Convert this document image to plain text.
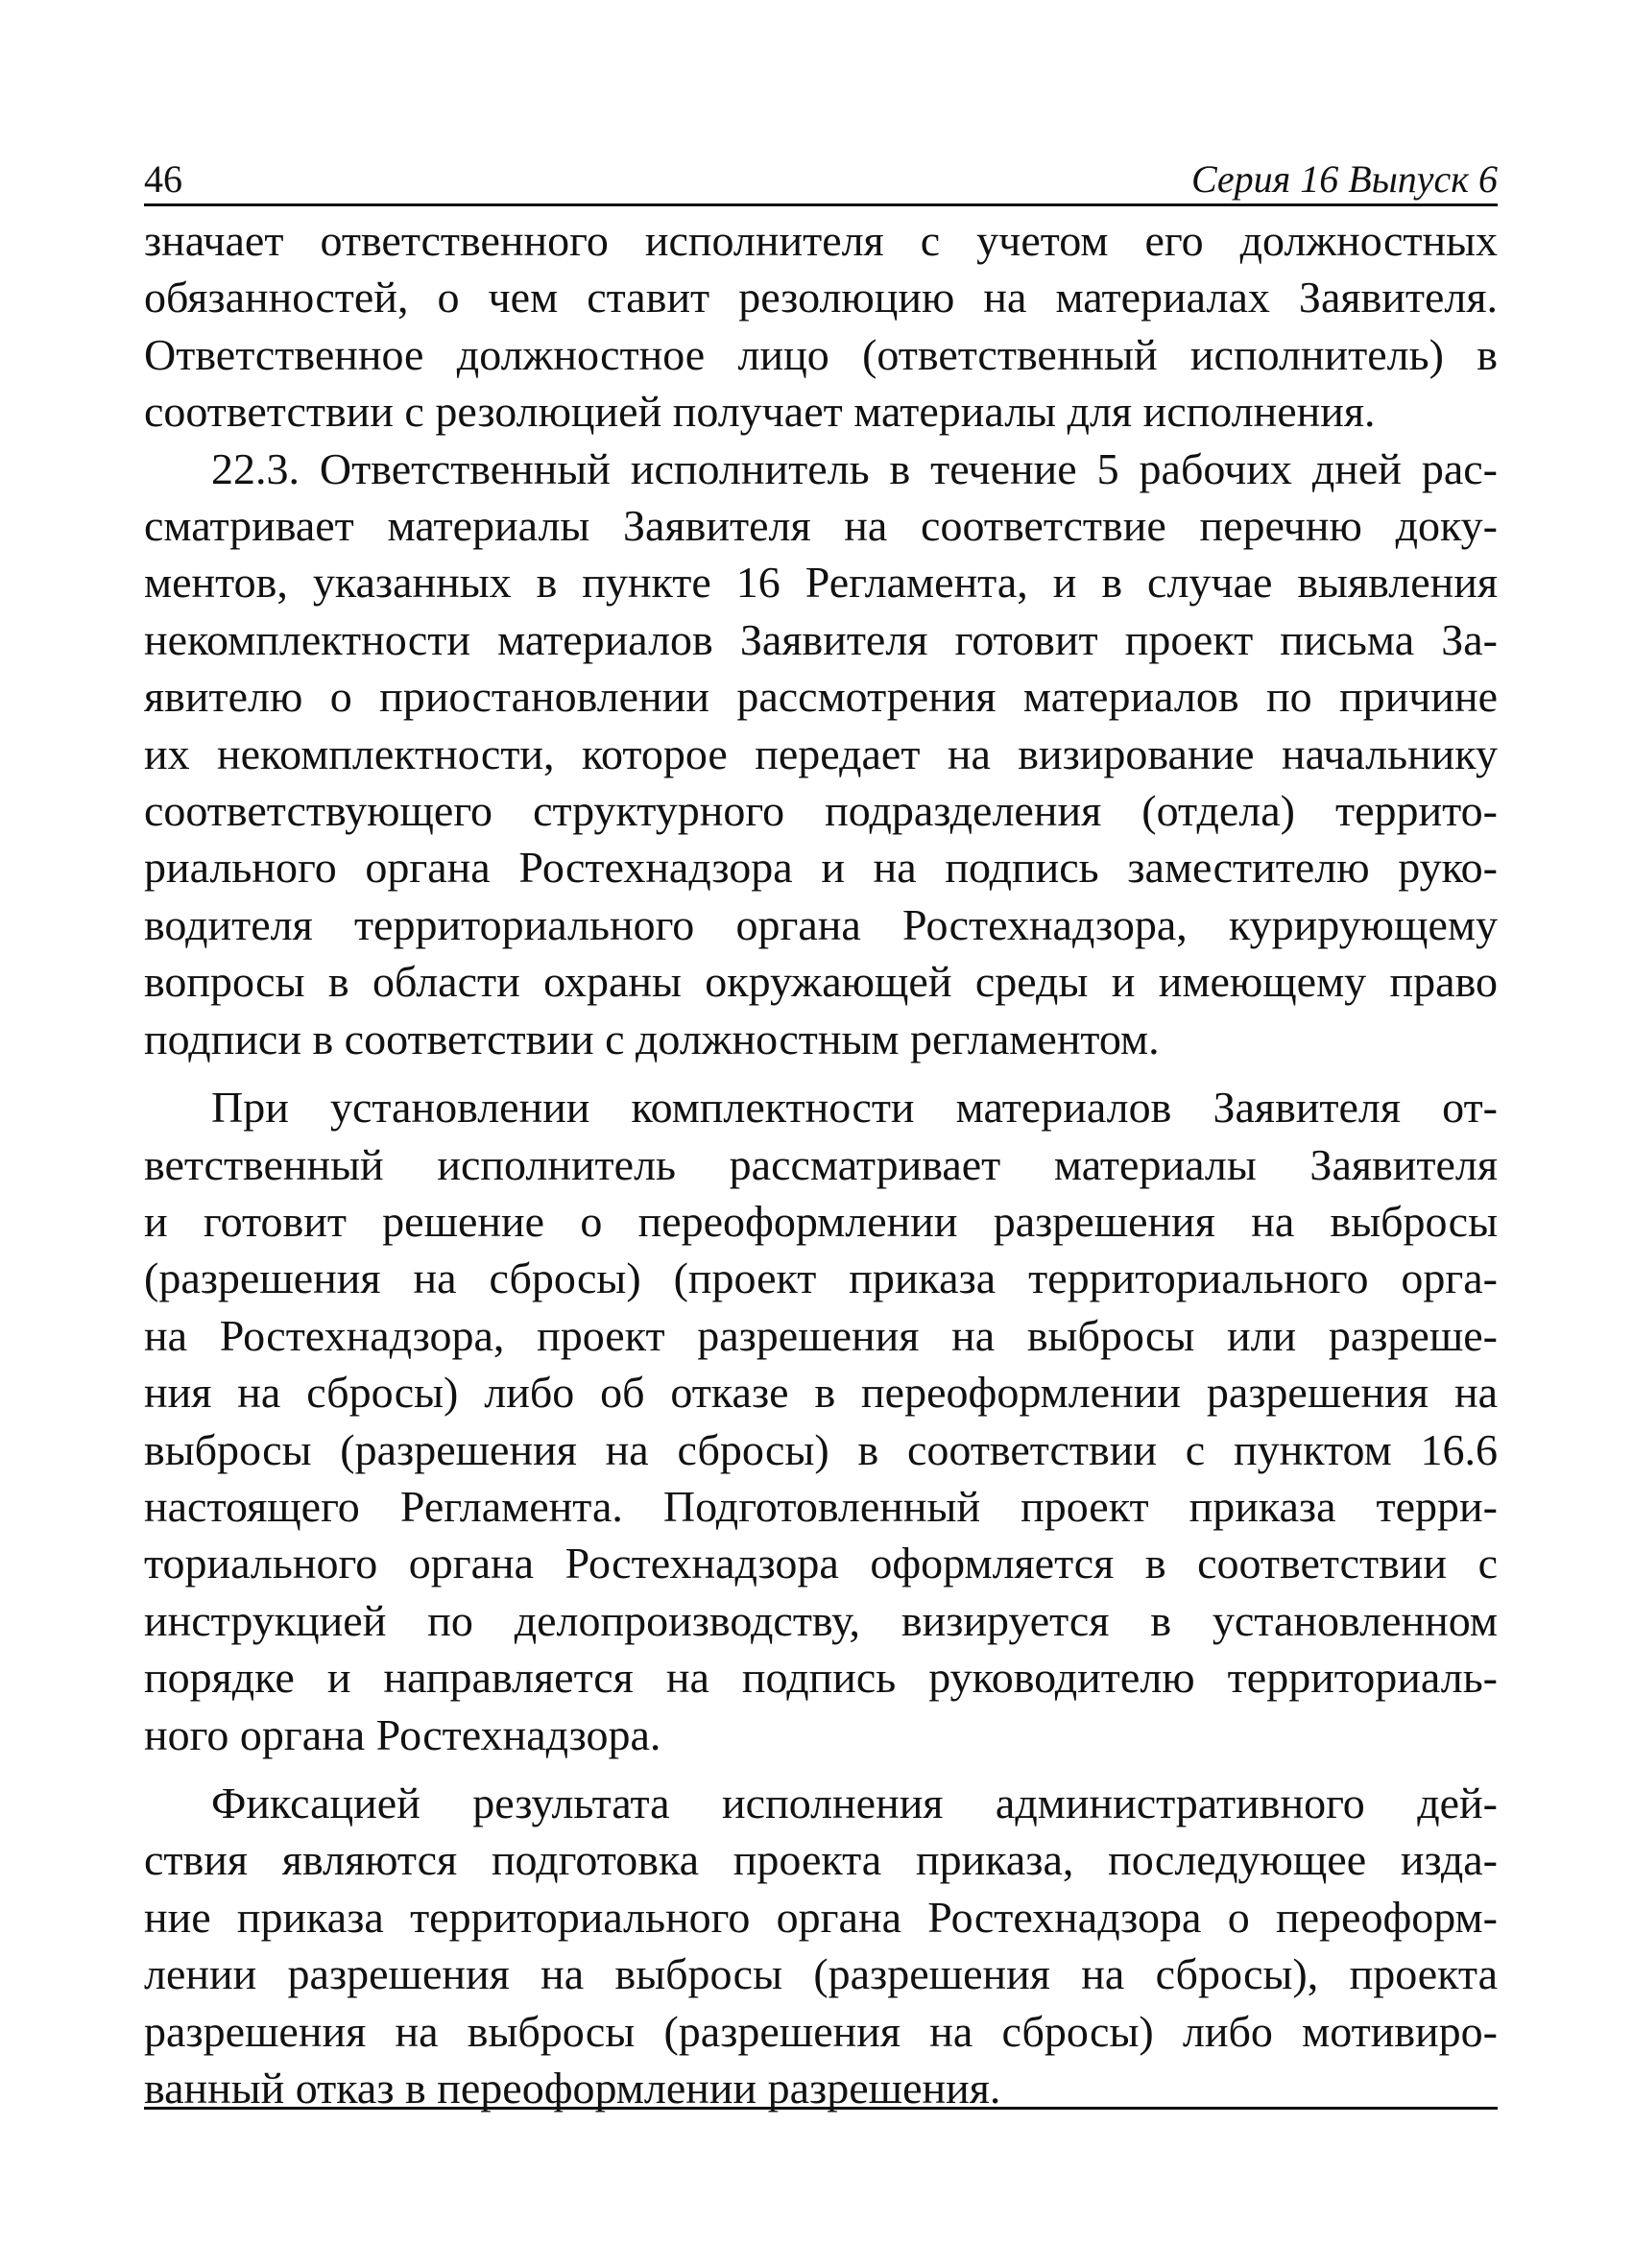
46	Серия 16 Выпуск 6

значает ответственного исполнителя с учетом его должностных
обязанностей, о чем ставит резолюцию на материалах Заявителя.
Ответственное должностное лицо (ответственный исполнитель) в
соответствии с резолюцией получает материалы для исполнения.

22.3. Ответственный исполнитель в течение 5 рабочих дней рас-
сматривает материалы Заявителя на соответствие перечню доку-
ментов, указанных в пункте 16 Регламента, и в случае выявления
некомплектности материалов Заявителя готовит проект письма За-
явителю о приостановлении рассмотрения материалов по причине
их некомплектности, которое передает на визирование начальнику
соответствующего структурного подразделения (отдела) террито-
риального органа Ростехнадзора и на подпись заместителю руко-
водителя территориального органа Ростехнадзора, курирующему
вопросы в области охраны окружающей среды и имеющему право
подписи в соответствии с должностным регламентом.

При установлении комплектности материалов Заявителя от-
ветственный исполнитель рассматривает материалы Заявителя
и готовит решение о переоформлении разрешения на выбросы
(разрешения на сбросы) (проект приказа территориального орга-
на Ростехнадзора, проект разрешения на выбросы или разреше-
ния на сбросы) либо об отказе в переоформлении разрешения на
выбросы (разрешения на сбросы) в соответствии с пунктом 16.6
настоящего Регламента. Подготовленный проект приказа терри-
ториального органа Ростехнадзора оформляется в соответствии с
инструкцией по делопроизводству, визируется в установленном
порядке и направляется на подпись руководителю территориаль-
ного органа Ростехнадзора.

Фиксацией результата исполнения административного дей-
ствия являются подготовка проекта приказа, последующее изда-
ние приказа территориального органа Ростехнадзора о переоформ-
лении разрешения на выбросы (разрешения на сбросы), проекта
разрешения на выбросы (разрешения на сбросы) либо мотивиро-
ванный отказ в переоформлении разрешения.
